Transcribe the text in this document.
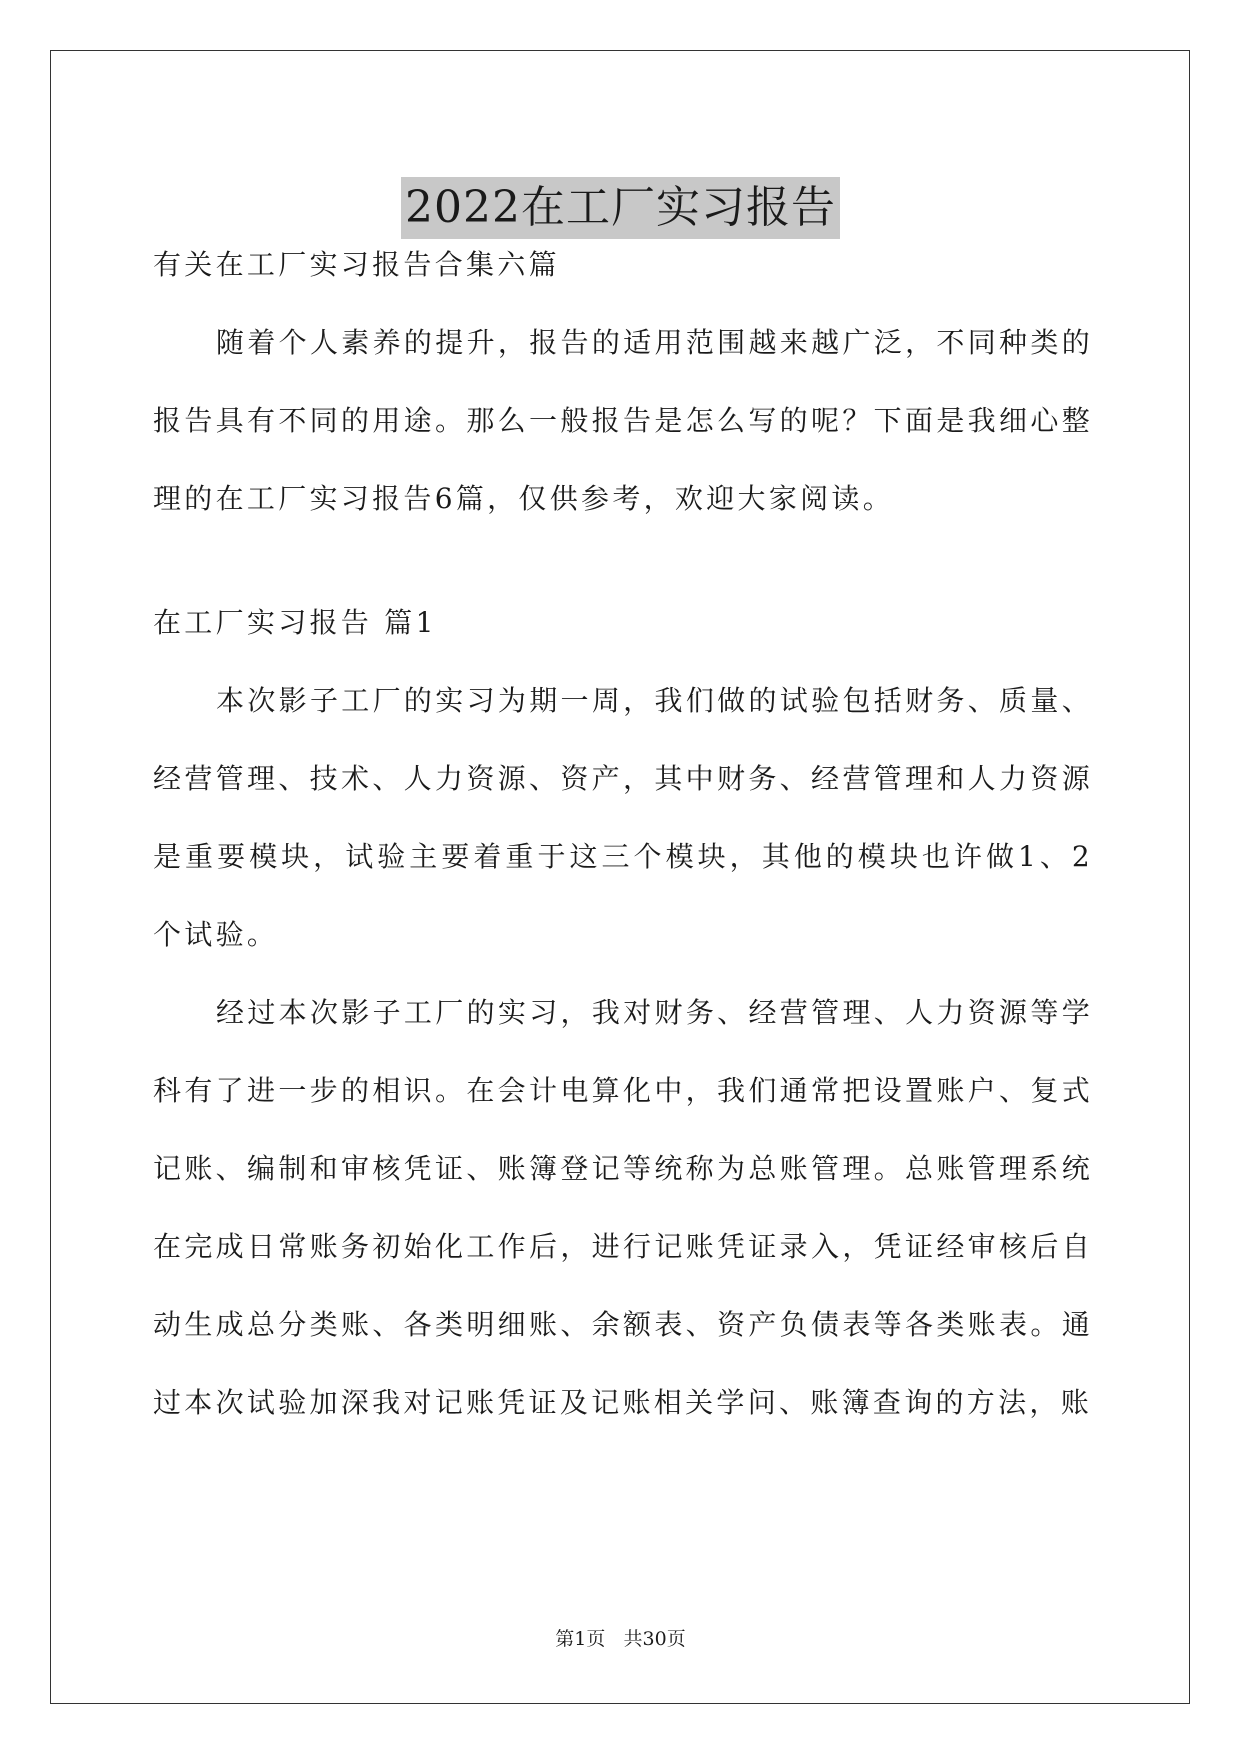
2022在工厂实习报告

有关在工厂实习报告合集六篇

随着个人素养的提升，报告的适用范围越来越广泛，不同种类的报告具有不同的用途。那么一般报告是怎么写的呢？下面是我细心整理的在工厂实习报告6篇，仅供参考，欢迎大家阅读。

在工厂实习报告 篇1

本次影子工厂的实习为期一周，我们做的试验包括财务、质量、经营管理、技术、人力资源、资产，其中财务、经营管理和人力资源是重要模块，试验主要着重于这三个模块，其他的模块也许做1、2个试验。

经过本次影子工厂的实习，我对财务、经营管理、人力资源等学科有了进一步的相识。在会计电算化中，我们通常把设置账户、复式记账、编制和审核凭证、账簿登记等统称为总账管理。总账管理系统在完成日常账务初始化工作后，进行记账凭证录入，凭证经审核后自动生成总分类账、各类明细账、余额表、资产负债表等各类账表。通过本次试验加深我对记账凭证及记账相关学问、账簿查询的方法，账

第1页 共30页
